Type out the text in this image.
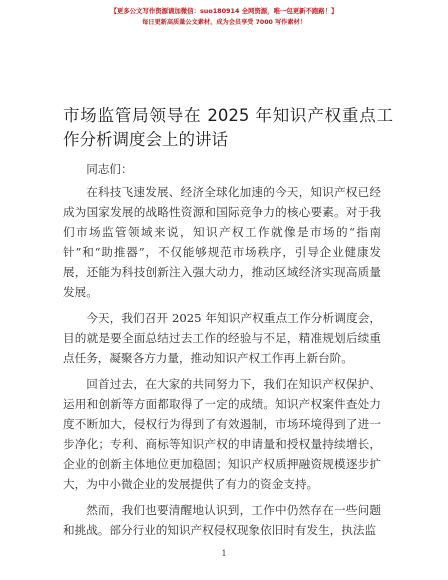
【更多公文写作资源请加微信：suo180914 全网资源，唯一包更新不跑路！】
每日更新高质量公文素材，成为会员享受 7000 写作素材！
市场监管局领导在 2025 年知识产权重点工作分析调度会上的讲话

同志们：

在科技飞速发展、经济全球化加速的今天，知识产权已经成为国家发展的战略性资源和国际竞争力的核心要素。对于我们市场监管领域来说，知识产权工作就像是市场的“指南针”和“助推器”，不仅能够规范市场秩序，引导企业健康发展，还能为科技创新注入强大动力，推动区域经济实现高质量发展。

今天，我们召开 2025 年知识产权重点工作分析调度会，目的就是要全面总结过去工作的经验与不足，精准规划后续重点任务，凝聚各方力量，推动知识产权工作再上新台阶。

回首过去，在大家的共同努力下，我们在知识产权保护、运用和创新等方面都取得了一定的成绩。知识产权案件查处力度不断加大，侵权行为得到了有效遏制，市场环境得到了进一步净化；专利、商标等知识产权的申请量和授权量持续增长，企业的创新主体地位更加稳固；知识产权质押融资规模逐步扩大，为中小微企业的发展提供了有力的资金支持。

然而，我们也要清醒地认识到，工作中仍然存在一些问题和挑战。部分行业的知识产权侵权现象依旧时有发生，执法监

1
